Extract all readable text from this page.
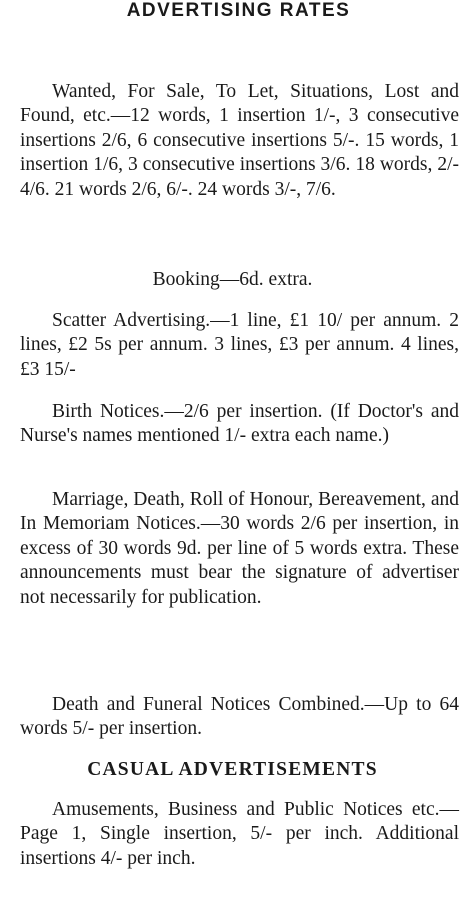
ADVERTISING RATES

Wanted, For Sale, To Let, Situations, Lost and Found, etc.—12 words, 1 insertion 1/-, 3 consecutive insertions 2/6, 6 consecutive insertions 5/-. 15 words, 1 insertion 1/6, 3 consecutive insertions 3/6. 18 words, 2/- 4/6. 21 words 2/6, 6/-. 24 words 3/-, 7/6.

Booking—6d. extra.

Scatter Advertising.—1 line, £1 10/ per annum. 2 lines, £2 5s per annum. 3 lines, £3 per annum. 4 lines, £3 15/-

Birth Notices.—2/6 per insertion. (If Doctor's and Nurse's names mentioned 1/- extra each name.)

Marriage, Death, Roll of Honour, Bereavement, and In Memoriam Notices.—30 words 2/6 per insertion, in excess of 30 words 9d. per line of 5 words extra. These announcements must bear the signature of advertiser not necessarily for publication.

Death and Funeral Notices Combined.—Up to 64 words 5/- per insertion.

CASUAL ADVERTISEMENTS

Amusements, Business and Public Notices etc.—Page 1, Single insertion, 5/- per inch. Additional insertions 4/- per inch.
